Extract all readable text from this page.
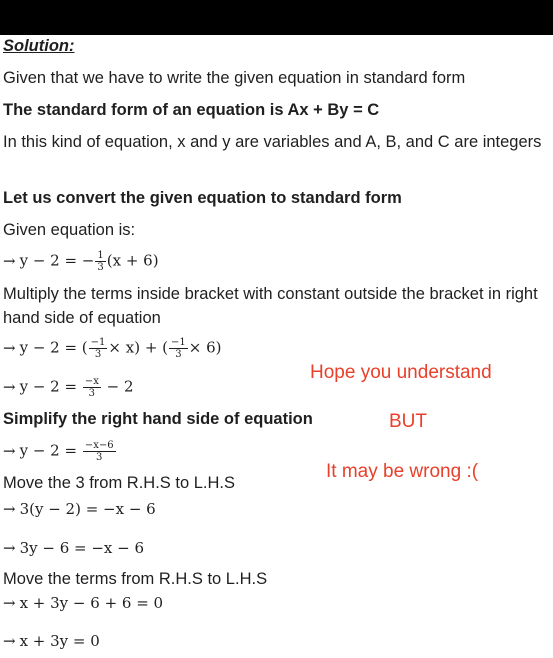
Solution:
Given that we have to write the given equation in standard form
The standard form of an equation is Ax + By = C
In this kind of equation, x and y are variables and A, B, and C are integers
Let us convert the given equation to standard form
Given equation is:
→ y − 2 = − $\frac{1}{3} (x + 6)$
Multiply the terms inside bracket with constant outside the bracket in right hand side of equation
→ y − 2 = ( $\frac{-1}{3} \times x$) + ( $\frac{-1}{3} \times 6$)
→ $y - 2 = \frac{-x}{3} - 2$
Simplify the right hand side of equation
→ $y - 2 = \frac{-x-6}{3}$
Move the 3 from R.H.S to L.H.S
→ 3(y − 2) = −x − 6
→ 3y − 6 = −x − 6
Move the terms from R.H.S to L.H.S
→ x + 3y − 6 + 6 = 0
→ x + 3y = 0
Hope you understand
BUT
It may be wrong :(
